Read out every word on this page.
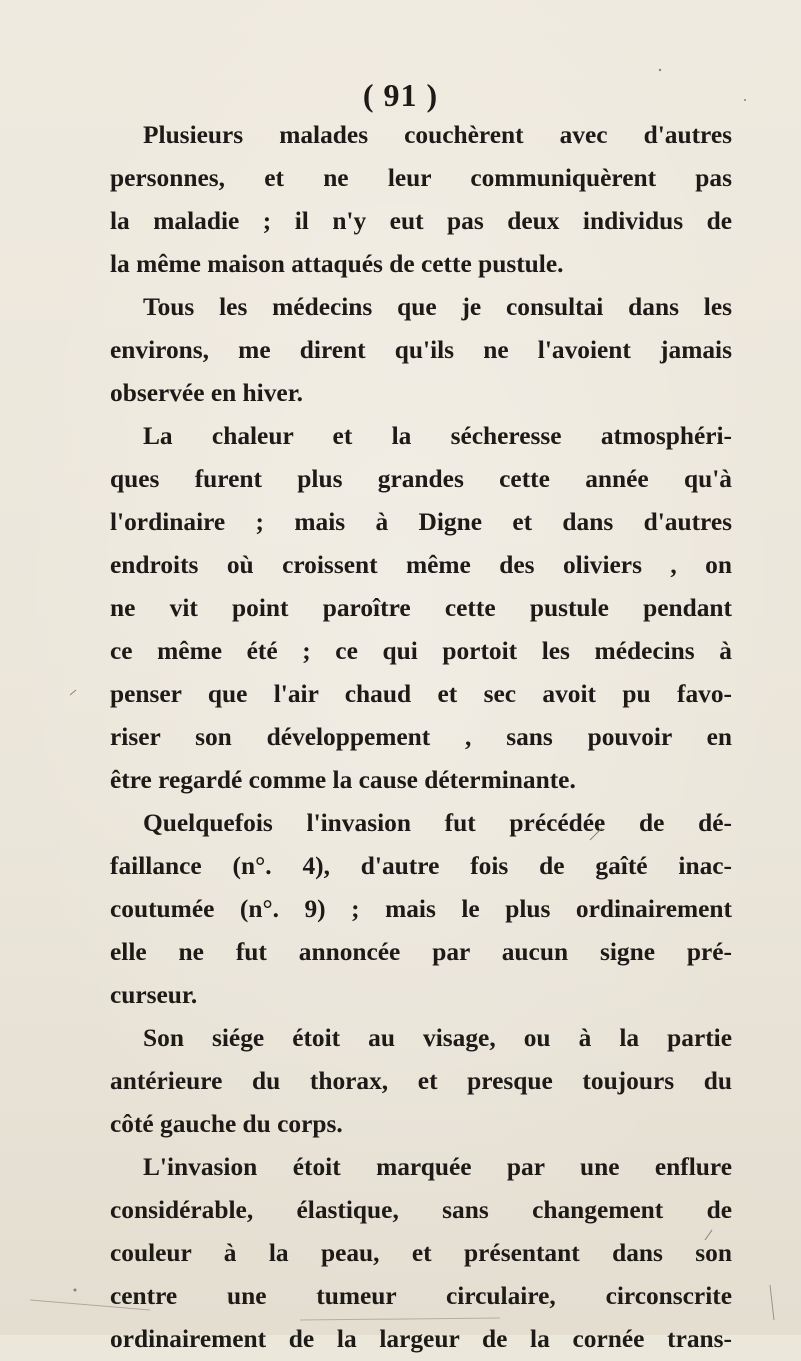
( 91 )
Plusieurs malades couchèrent avec d'autres
personnes, et ne leur communiquèrent pas
la maladie ; il n'y eut pas deux individus de
la même maison attaqués de cette pustule.
Tous les médecins que je consultai dans les
environs, me dirent qu'ils ne l'avoient jamais
observée en hiver.
La chaleur et la sécheresse atmosphéri-
ques furent plus grandes cette année qu'à
l'ordinaire ; mais à Digne et dans d'autres
endroits où croissent même des oliviers , on
ne vit point paroître cette pustule pendant
ce même été ; ce qui portoit les médecins à
penser que l'air chaud et sec avoit pu favo-
riser son développement , sans pouvoir en
être regardé comme la cause déterminante.
Quelquefois l'invasion fut précédée de dé-
faillance (n°. 4), d'autre fois de gaîté inac-
coutumée (n°. 9) ; mais le plus ordinairement
elle ne fut annoncée par aucun signe pré-
curseur.
Son siége étoit au visage, ou à la partie
antérieure du thorax, et presque toujours du
côté gauche du corps.
L'invasion étoit marquée par une enflure
considérable, élastique, sans changement de
couleur à la peau, et présentant dans son
centre une tumeur circulaire, circonscrite
ordinairement de la largeur de la cornée trans-
